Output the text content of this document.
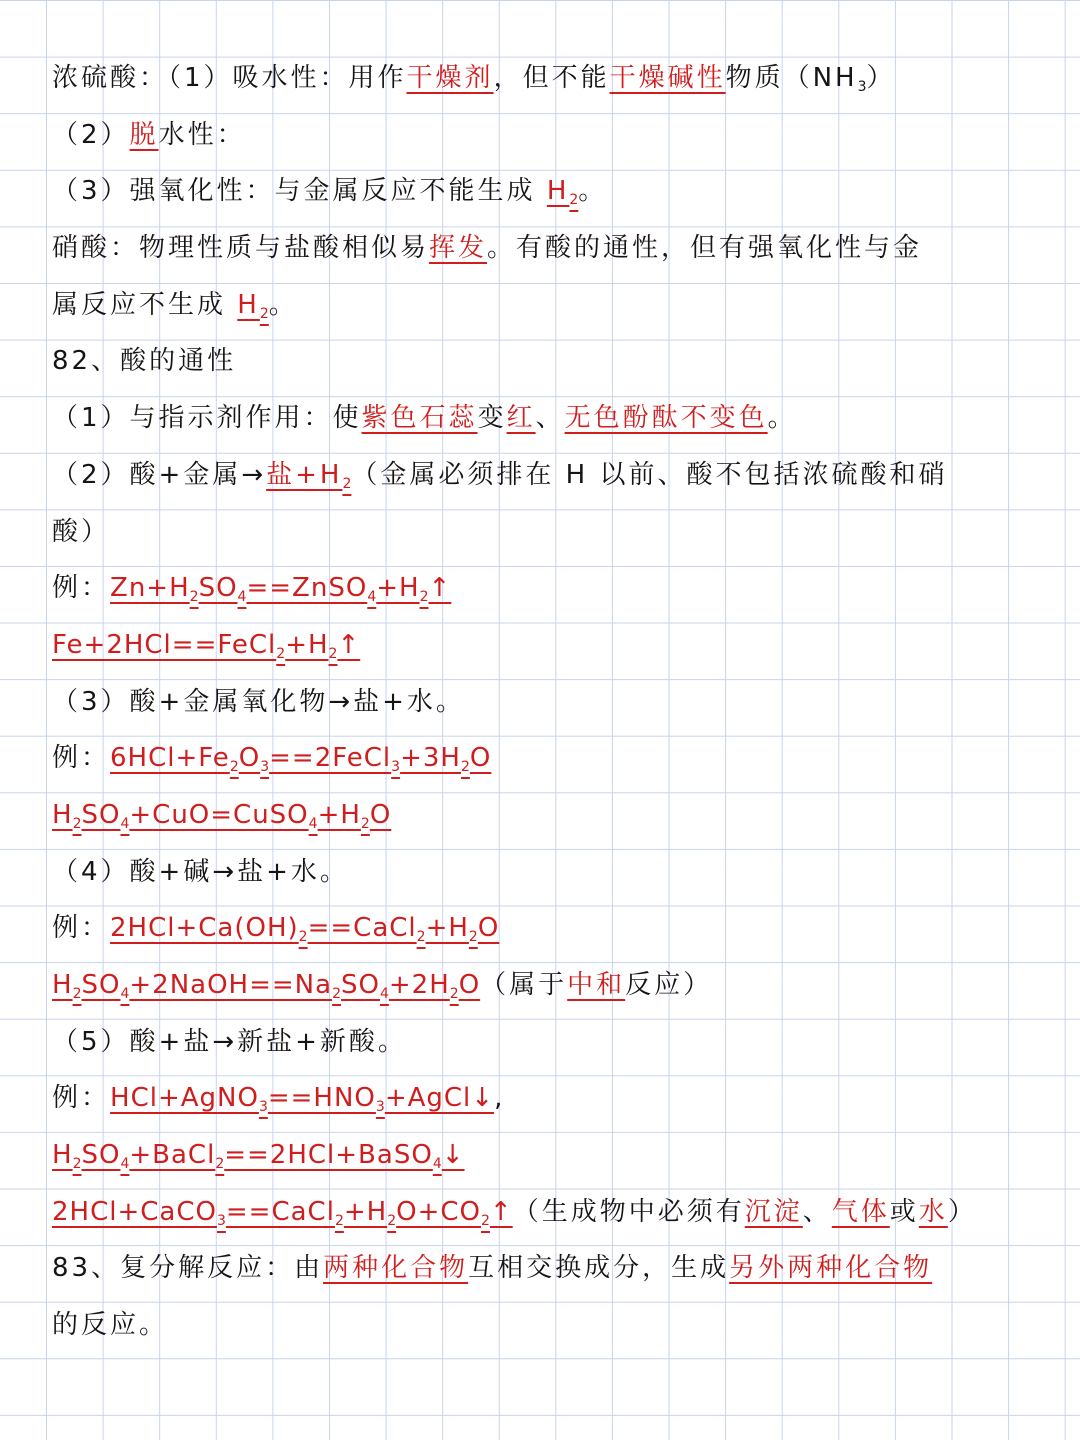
浓硫酸：（1）吸水性：用作干燥剂，但不能干燥碱性物质$(NH_3)$
（2）脱水性：
（3）强氧化性：与金属反应不能生成 $H_2$。
硝酸：物理性质与盐酸相似易挥发。有酸的通性，但有强氧化性与金
属反应不生成 $H_2$。
82、酸的通性
（1）与指示剂作用：使紫色石蕊变红、无色酚酞不变色。
（2）酸+金属→盐$+H_2$（金属必须排在 H 以前、酸不包括浓硫酸和硝
酸）
例：$Zn+H_2SO_4==ZnSO_4+H_2↑$
$Fe+2HCl==FeCl_2+H_2↑$
（3）酸+金属氧化物→盐+水。
例：$6HCl+Fe_2O_3==2FeCl_3+3H_2O$
$H_2SO_4+CuO=CuSO_4+H_2O$
（4）酸+碱→盐+水。
例：$2HCl+Ca(OH)_2==CaCl_2+H_2O$
$H_2SO_4+2NaOH==Na_2SO_4+2H_2O$（属于中和反应）
（5）酸+盐→新盐+新酸。
例：$HCl+AgNO_3==HNO_3+AgCl↓$,
$H_2SO_4+BaCl_2==2HCl+BaSO_4↓$
$2HCl+CaCO_3==CaCl_2+H_2O+CO_2↑$（生成物中必须有沉淀、气体或水）
83、复分解反应：由两种化合物互相交换成分，生成另外两种化合物
的反应。
